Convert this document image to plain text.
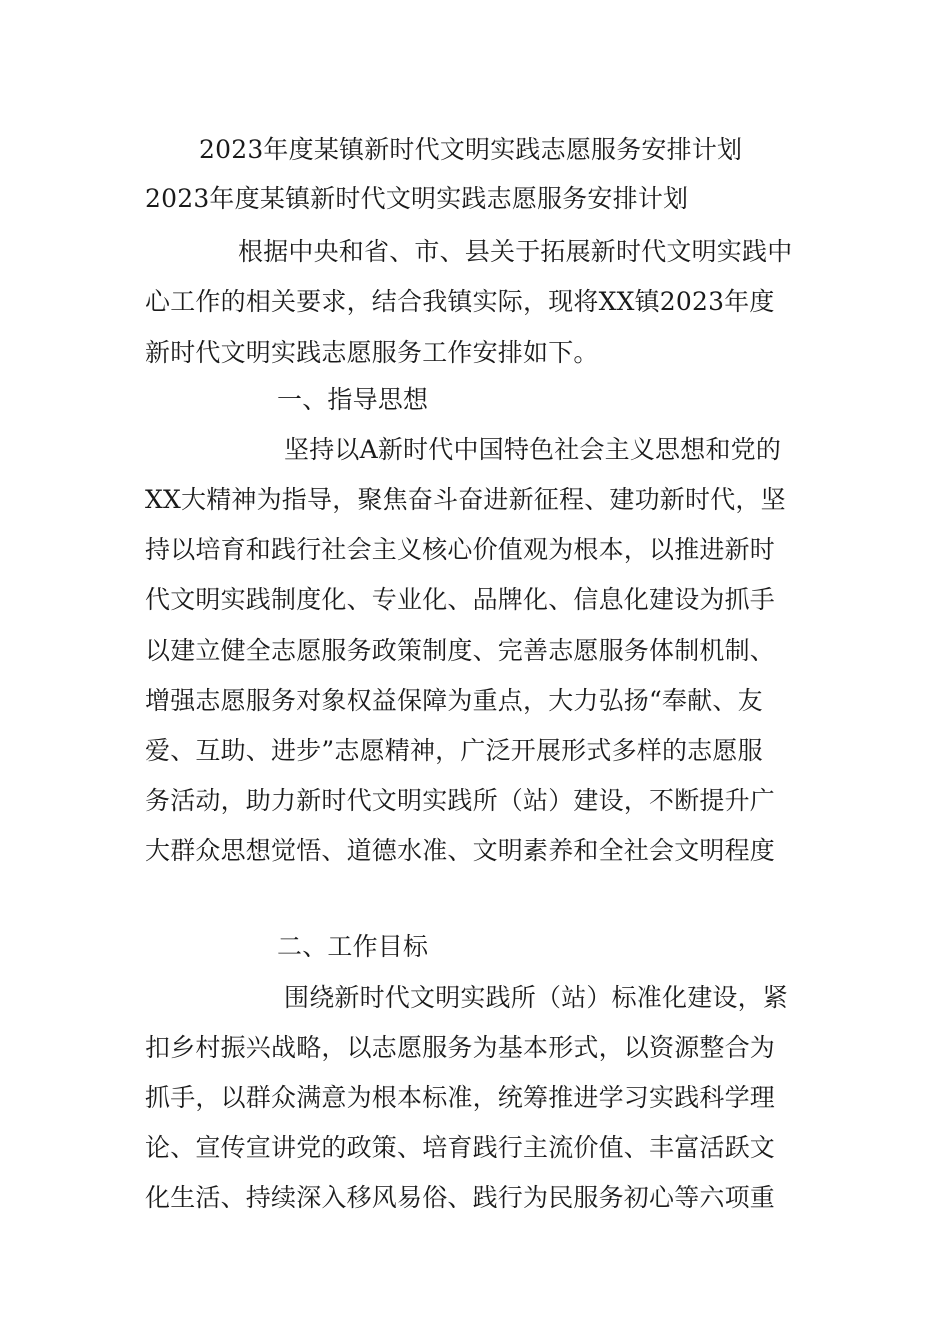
2023年度某镇新时代文明实践志愿服务安排计划
2023年度某镇新时代文明实践志愿服务安排计划
根据中央和省、市、县关于拓展新时代文明实践中
心工作的相关要求，结合我镇实际，现将XX镇2023年度
新时代文明实践志愿服务工作安排如下。
一、指导思想
坚持以A新时代中国特色社会主义思想和党的
XX大精神为指导，聚焦奋斗奋进新征程、建功新时代，坚
持以培育和践行社会主义核心价值观为根本，以推进新时
代文明实践制度化、专业化、品牌化、信息化建设为抓手
以建立健全志愿服务政策制度、完善志愿服务体制机制、
增强志愿服务对象权益保障为重点，大力弘扬“奉献、友
爱、互助、进步”志愿精神，广泛开展形式多样的志愿服
务活动，助力新时代文明实践所（站）建设，不断提升广
大群众思想觉悟、道德水准、文明素养和全社会文明程度
二、工作目标
围绕新时代文明实践所（站）标准化建设，紧
扣乡村振兴战略，以志愿服务为基本形式，以资源整合为
抓手，以群众满意为根本标准，统筹推进学习实践科学理
论、宣传宣讲党的政策、培育践行主流价值、丰富活跃文
化生活、持续深入移风易俗、践行为民服务初心等六项重
